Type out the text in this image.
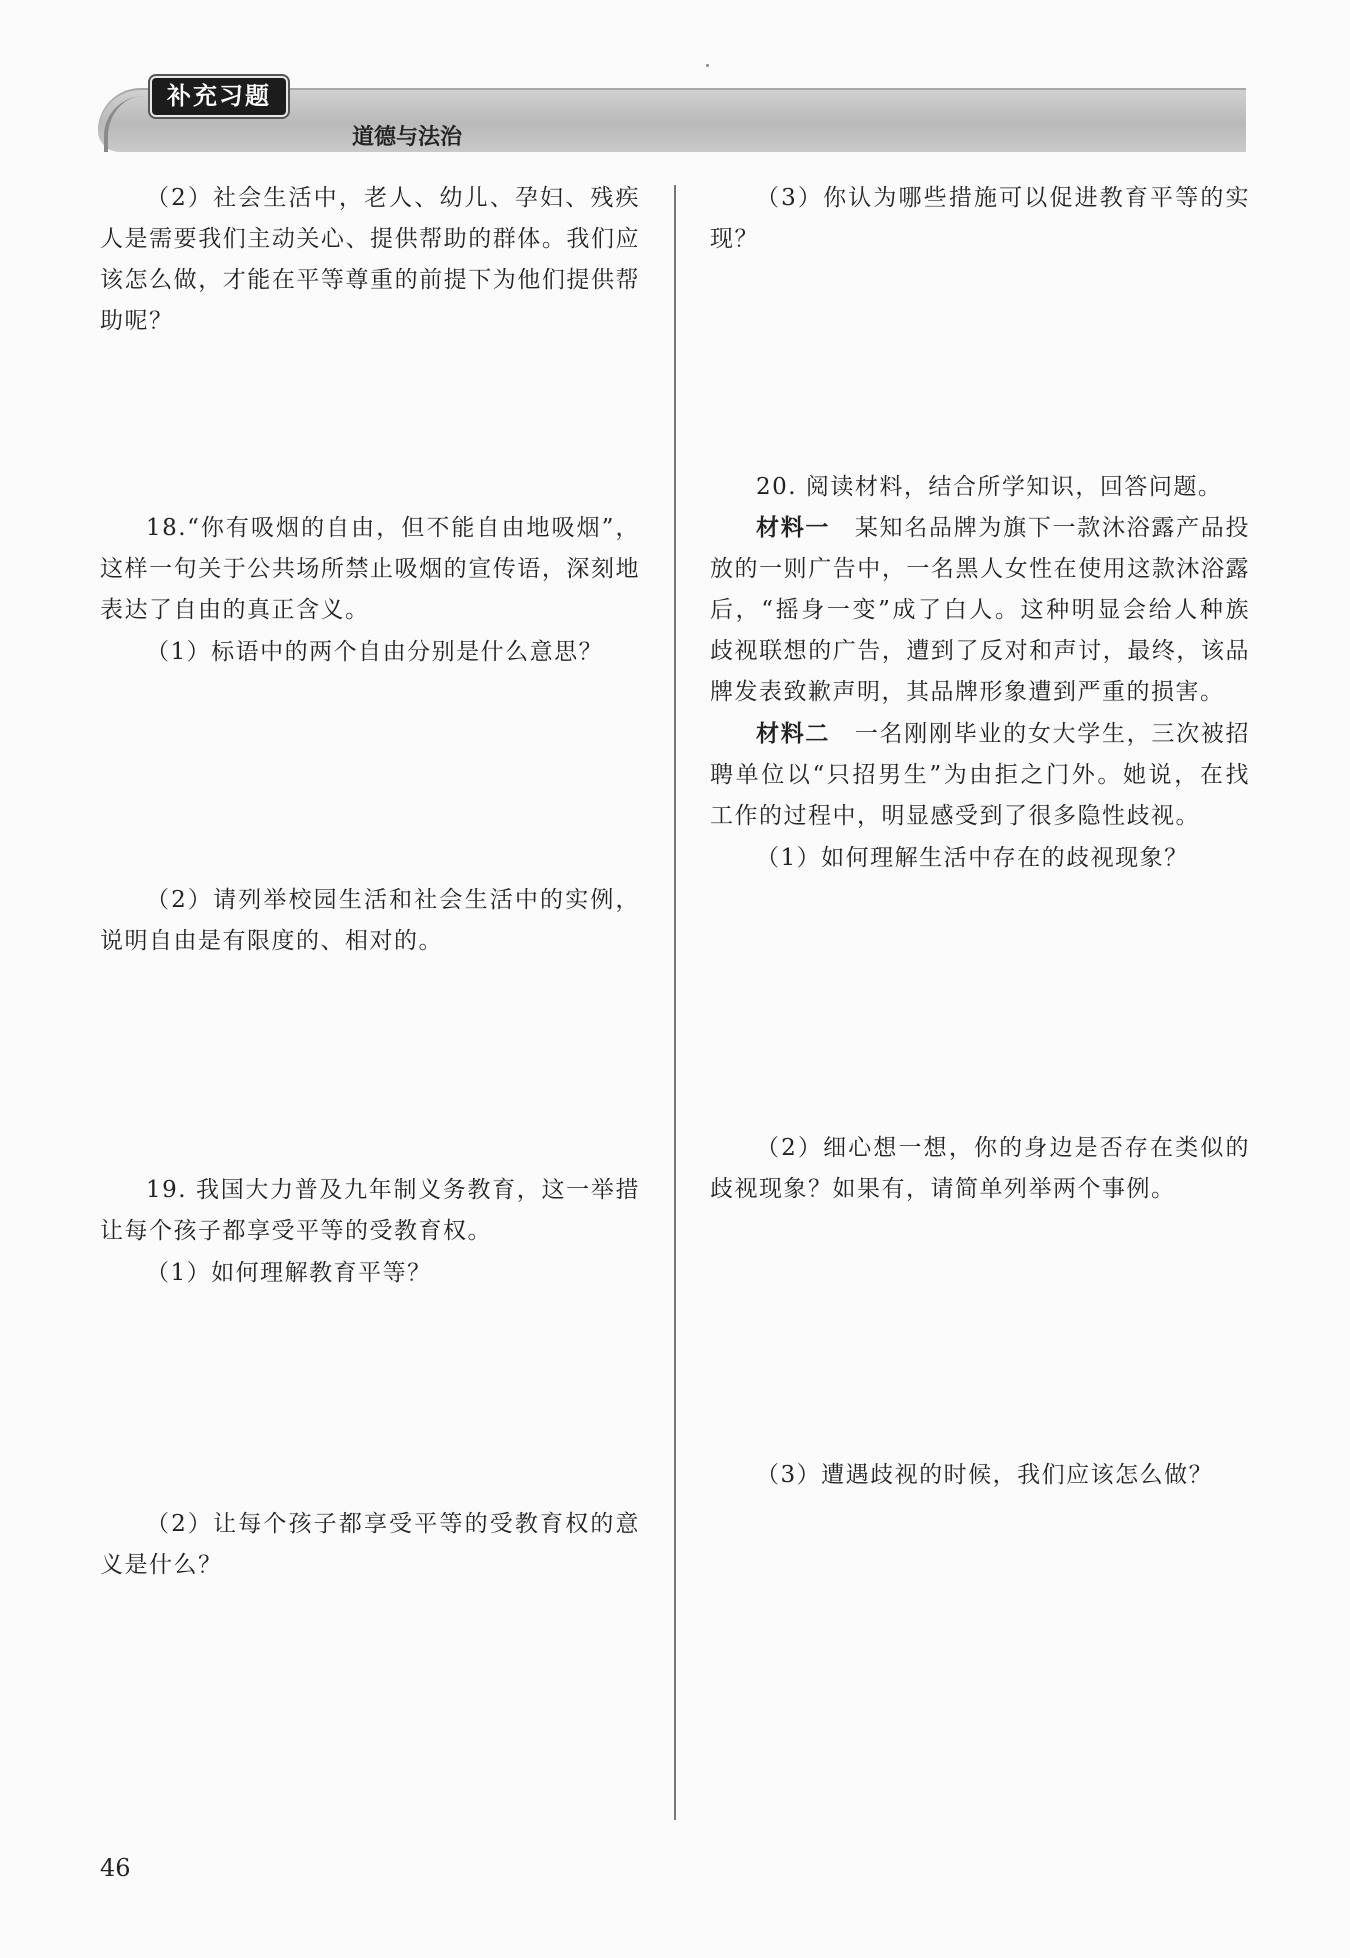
补充习题
道德与法治

（2）社会生活中，老人、幼儿、孕妇、残疾人是需要我们主动关心、提供帮助的群体。我们应该怎么做，才能在平等尊重的前提下为他们提供帮助呢？

18.“你有吸烟的自由，但不能自由地吸烟”，这样一句关于公共场所禁止吸烟的宣传语，深刻地表达了自由的真正含义。

（1）标语中的两个自由分别是什么意思？

（2）请列举校园生活和社会生活中的实例，说明自由是有限度的、相对的。

19. 我国大力普及九年制义务教育，这一举措让每个孩子都享受平等的受教育权。

（1）如何理解教育平等？

（2）让每个孩子都享受平等的受教育权的意义是什么？

（3）你认为哪些措施可以促进教育平等的实现？

20. 阅读材料，结合所学知识，回答问题。

材料一　某知名品牌为旗下一款沐浴露产品投放的一则广告中，一名黑人女性在使用这款沐浴露后，“摇身一变”成了白人。这种明显会给人种族歧视联想的广告，遭到了反对和声讨，最终，该品牌发表致歉声明，其品牌形象遭到严重的损害。

材料二　一名刚刚毕业的女大学生，三次被招聘单位以“只招男生”为由拒之门外。她说，在找工作的过程中，明显感受到了很多隐性歧视。

（1）如何理解生活中存在的歧视现象？

（2）细心想一想，你的身边是否存在类似的歧视现象？如果有，请简单列举两个事例。

（3）遭遇歧视的时候，我们应该怎么做？

46
